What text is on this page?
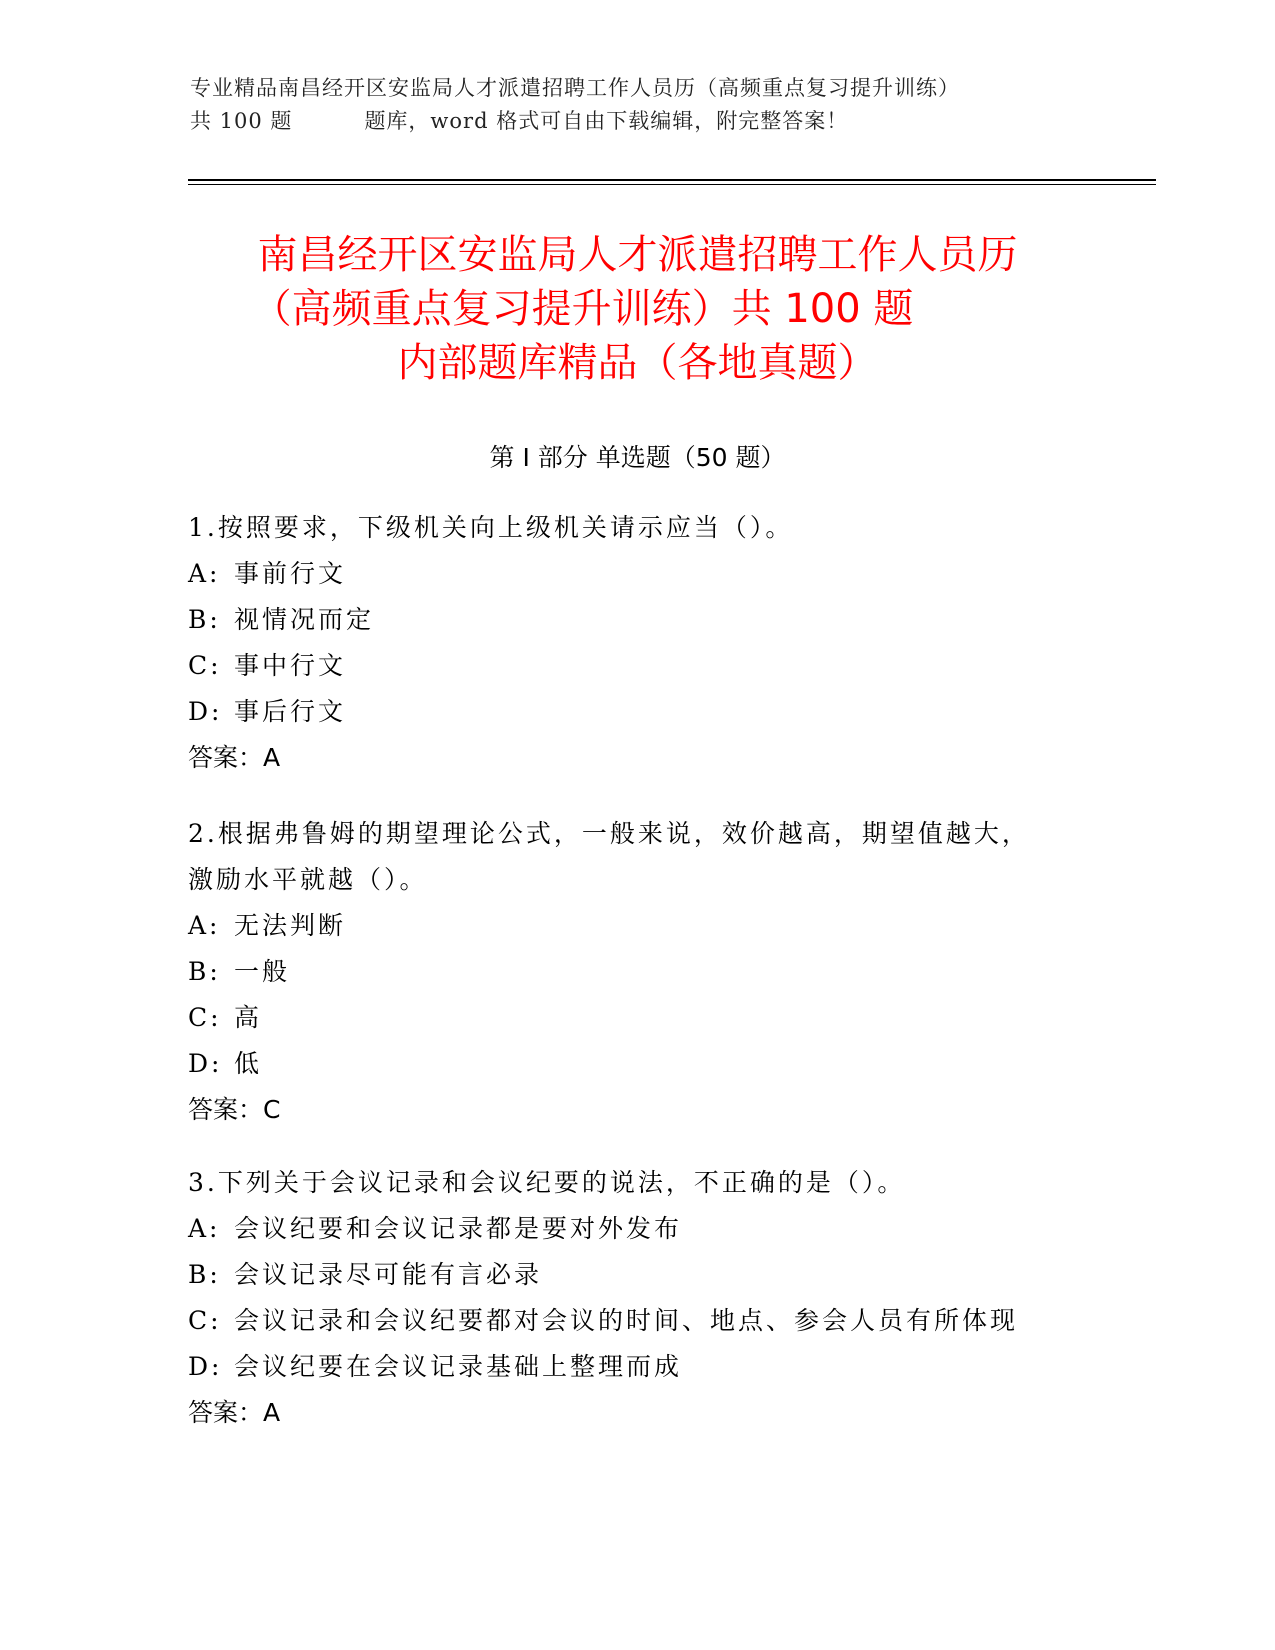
专业精品南昌经开区安监局人才派遣招聘工作人员历（高频重点复习提升训练）
共 100 题	题库，word 格式可自由下载编辑，附完整答案！
南昌经开区安监局人才派遣招聘工作人员历
（高频重点复习提升训练）共 100 题
内部题库精品（各地真题）
第 I 部分 单选题（50 题）
1.按照要求，下级机关向上级机关请示应当（）。
A: 事前行文
B: 视情况而定
C: 事中行文
D: 事后行文
答案：A
2.根据弗鲁姆的期望理论公式，一般来说，效价越高，期望值越大，
激励水平就越（）。
A: 无法判断
B: 一般
C: 高
D: 低
答案：C
3.下列关于会议记录和会议纪要的说法，不正确的是（）。
A: 会议纪要和会议记录都是要对外发布
B: 会议记录尽可能有言必录
C: 会议记录和会议纪要都对会议的时间、地点、参会人员有所体现
D: 会议纪要在会议记录基础上整理而成
答案：A
